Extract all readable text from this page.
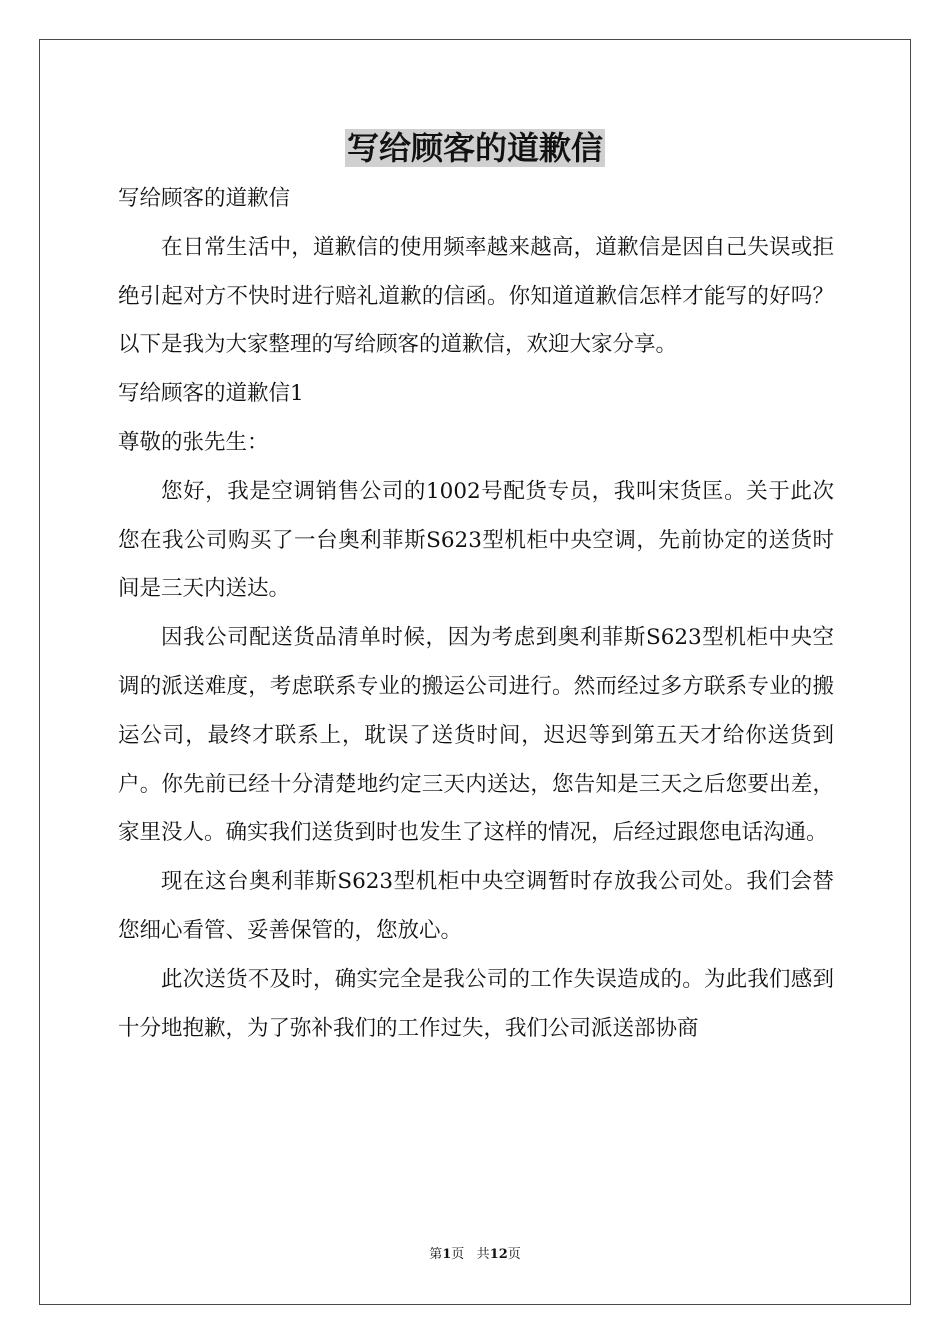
写给顾客的道歉信

写给顾客的道歉信

在日常生活中，道歉信的使用频率越来越高，道歉信是因自己失误或拒绝引起对方不快时进行赔礼道歉的信函。你知道道歉信怎样才能写的好吗？以下是我为大家整理的写给顾客的道歉信，欢迎大家分享。

写给顾客的道歉信1

尊敬的张先生：

您好，我是空调销售公司的1002号配货专员，我叫宋货匡。关于此次您在我公司购买了一台奥利菲斯S623型机柜中央空调，先前协定的送货时间是三天内送达。

因我公司配送货品清单时候，因为考虑到奥利菲斯S623型机柜中央空调的派送难度，考虑联系专业的搬运公司进行。然而经过多方联系专业的搬运公司，最终才联系上，耽误了送货时间，迟迟等到第五天才给你送货到户。你先前已经十分清楚地约定三天内送达，您告知是三天之后您要出差，家里没人。确实我们送货到时也发生了这样的情况，后经过跟您电话沟通。

现在这台奥利菲斯S623型机柜中央空调暂时存放我公司处。我们会替您细心看管、妥善保管的，您放心。

此次送货不及时，确实完全是我公司的工作失误造成的。为此我们感到十分地抱歉，为了弥补我们的工作过失，我们公司派送部协商

第1页 共12页
